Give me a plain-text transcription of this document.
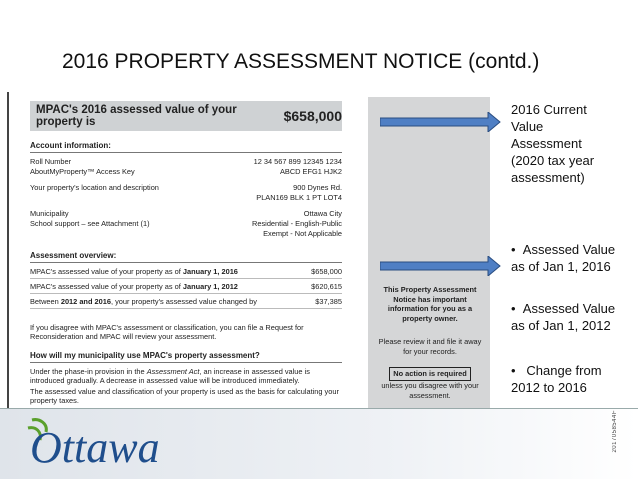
2016 PROPERTY ASSESSMENT NOTICE (contd.)
MPAC's 2016 assessed value of your property is	$658,000
Account information:
Roll Number	12 34 567 899 12345 1234
AboutMyProperty™ Access Key	ABCD EFG1 HJK2
Your property's location and description	900 Dynes Rd.
PLAN169 BLK 1 PT LOT4
Municipality	Ottawa City
School support – see Attachment (1)	Residential - English-Public
Exempt - Not Applicable
Assessment overview:
MPAC's assessed value of your property as of January 1, 2016	$658,000
MPAC's assessed value of your property as of January 1, 2012	$620,615
Between 2012 and 2016, your property's assessed value changed by	$37,385
If you disagree with MPAC's assessment or classification, you can file a Request for Reconsideration and MPAC will review your assessment.
How will my municipality use MPAC's property assessment?
Under the phase-in provision in the Assessment Act, an increase in assessed value is introduced gradually. A decrease in assessed value will be introduced immediately.
The assessed value and classification of your property is used as the basis for calculating your property taxes.
This Property Assessment Notice has important information for you as a property owner.
Please review it and file it away for your records.
No action is required
unless you disagree with your assessment.
2016 Current Value Assessment (2020 tax year assessment)
• Assessed Value as of Jan 1, 2016
• Assessed Value as of Jan 1, 2012
• Change from 2012 to 2016
Ottawa	2017058544F
